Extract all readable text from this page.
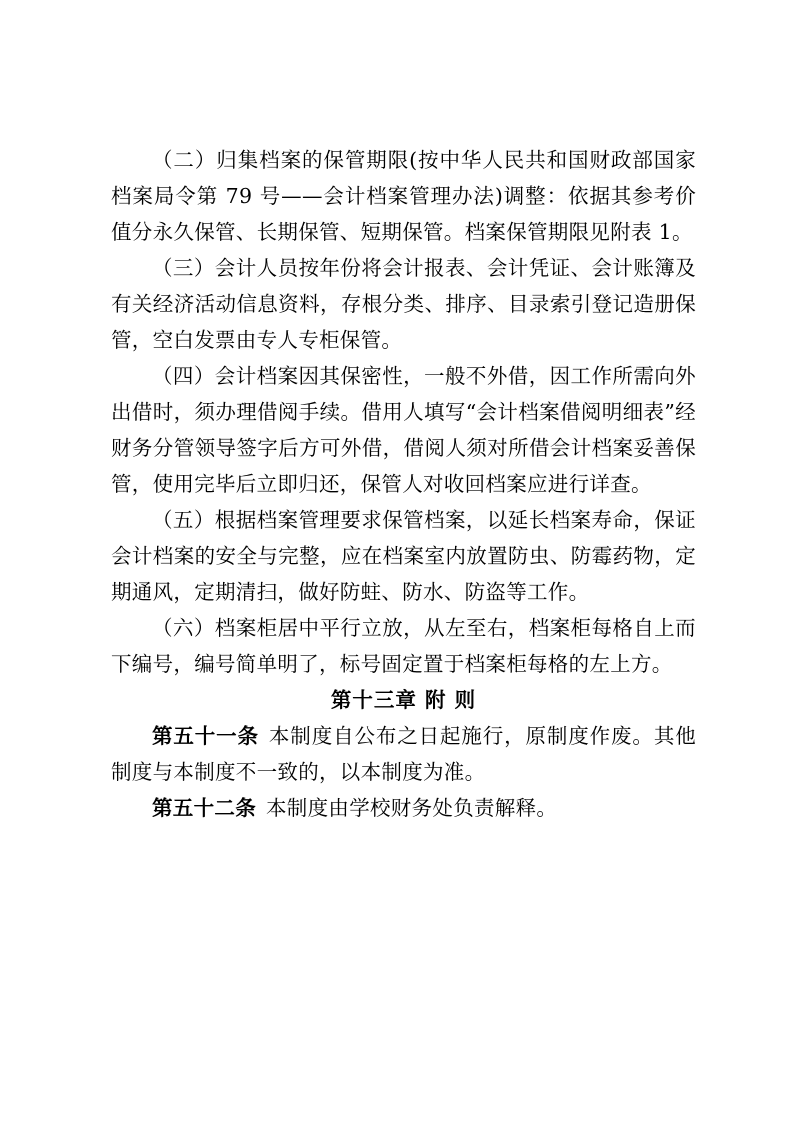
（二）归集档案的保管期限(按中华人民共和国财政部国家档案局令第 79 号——会计档案管理办法)调整：依据其参考价值分永久保管、长期保管、短期保管。档案保管期限见附表 1。

（三）会计人员按年份将会计报表、会计凭证、会计账簿及有关经济活动信息资料，存根分类、排序、目录索引登记造册保管，空白发票由专人专柜保管。

（四）会计档案因其保密性，一般不外借，因工作所需向外出借时，须办理借阅手续。借用人填写“会计档案借阅明细表”经财务分管领导签字后方可外借，借阅人须对所借会计档案妥善保管，使用完毕后立即归还，保管人对收回档案应进行详查。

（五）根据档案管理要求保管档案，以延长档案寿命，保证会计档案的安全与完整，应在档案室内放置防虫、防霉药物，定期通风，定期清扫，做好防蛀、防水、防盗等工作。

（六）档案柜居中平行立放，从左至右，档案柜每格自上而下编号，编号简单明了，标号固定置于档案柜每格的左上方。

第十三章 附 则

第五十一条 本制度自公布之日起施行，原制度作废。其他制度与本制度不一致的，以本制度为准。

第五十二条 本制度由学校财务处负责解释。
